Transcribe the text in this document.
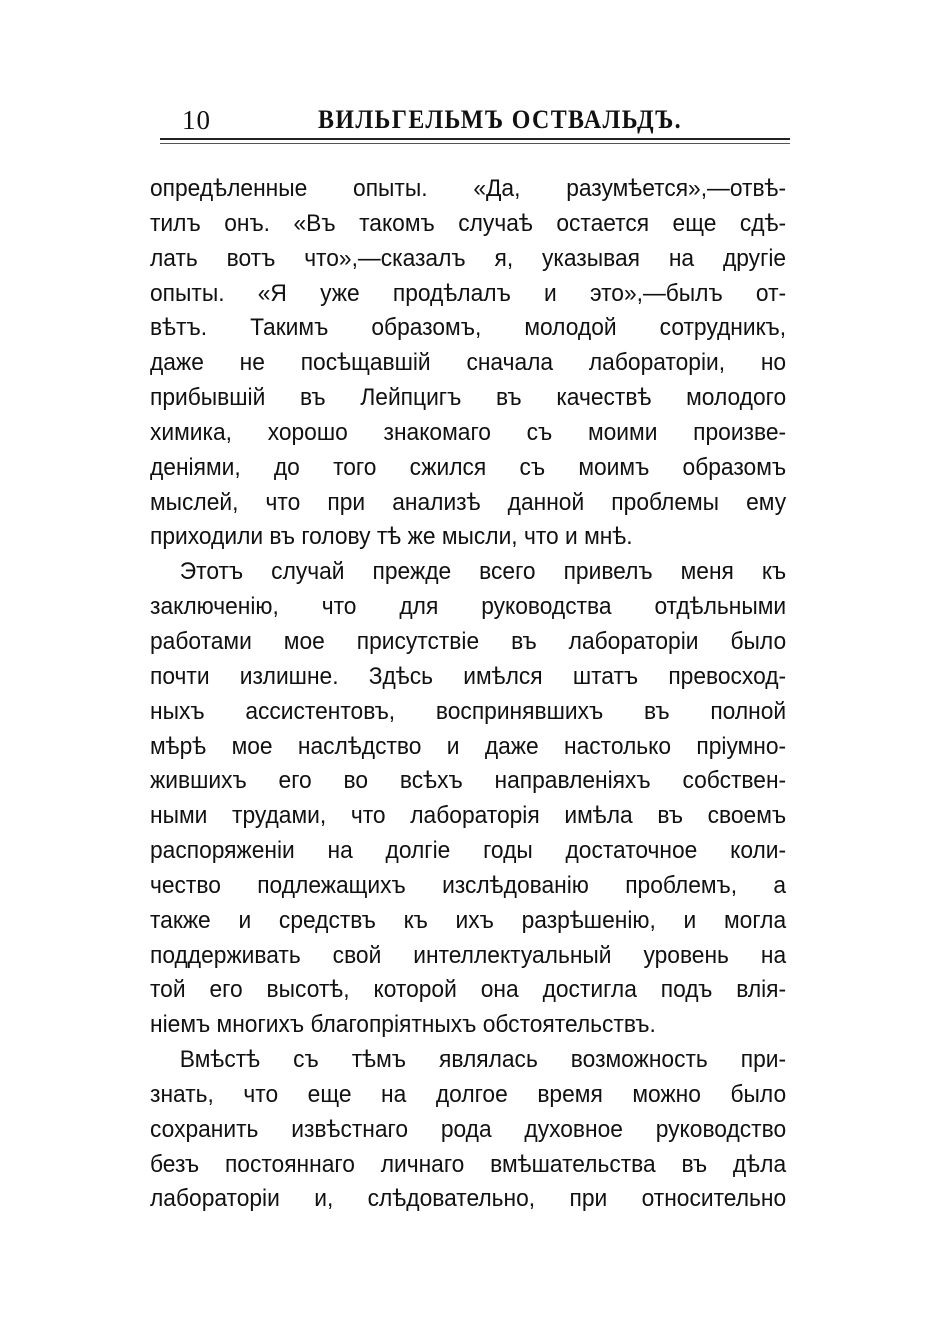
10	ВИЛЬГЕЛЬМЪ ОСТВАЛЬДЪ.
опредѣленные опыты. «Да, разумѣется»,—отвѣ-
тилъ онъ. «Въ такомъ случаѣ остается еще сдѣ-
лать вотъ что»,—сказалъ я, указывая на другіе
опыты. «Я уже продѣлалъ и это»,—былъ от-
вѣтъ. Такимъ образомъ, молодой сотрудникъ,
даже не посѣщавшій сначала лабораторіи, но
прибывшій въ Лейпцигъ въ качествѣ молодого
химика, хорошо знакомаго съ моими произве-
деніями, до того сжился съ моимъ образомъ
мыслей, что при анализѣ данной проблемы ему
приходили въ голову тѣ же мысли, что и мнѣ.
Этотъ случай прежде всего привелъ меня къ
заключенію, что для руководства отдѣльными
работами мое присутствіе въ лабораторіи было
почти излишне. Здѣсь имѣлся штатъ превосход-
ныхъ ассистентовъ, воспринявшихъ въ полной
мѣрѣ мое наслѣдство и даже настолько пріумно-
жившихъ его во всѣхъ направленіяхъ собствен-
ными трудами, что лабораторія имѣла въ своемъ
распоряженіи на долгіе годы достаточное коли-
чество подлежащихъ изслѣдованію проблемъ, а
также и средствъ къ ихъ разрѣшенію, и могла
поддерживать свой интеллектуальный уровень на
той его высотѣ, которой она достигла подъ влія-
ніемъ многихъ благопріятныхъ обстоятельствъ.
Вмѣстѣ съ тѣмъ являлась возможность при-
знать, что еще на долгое время можно было
сохранить извѣстнаго рода духовное руководство
безъ постояннаго личнаго вмѣшательства въ дѣла
лабораторіи и, слѣдовательно, при относительно
